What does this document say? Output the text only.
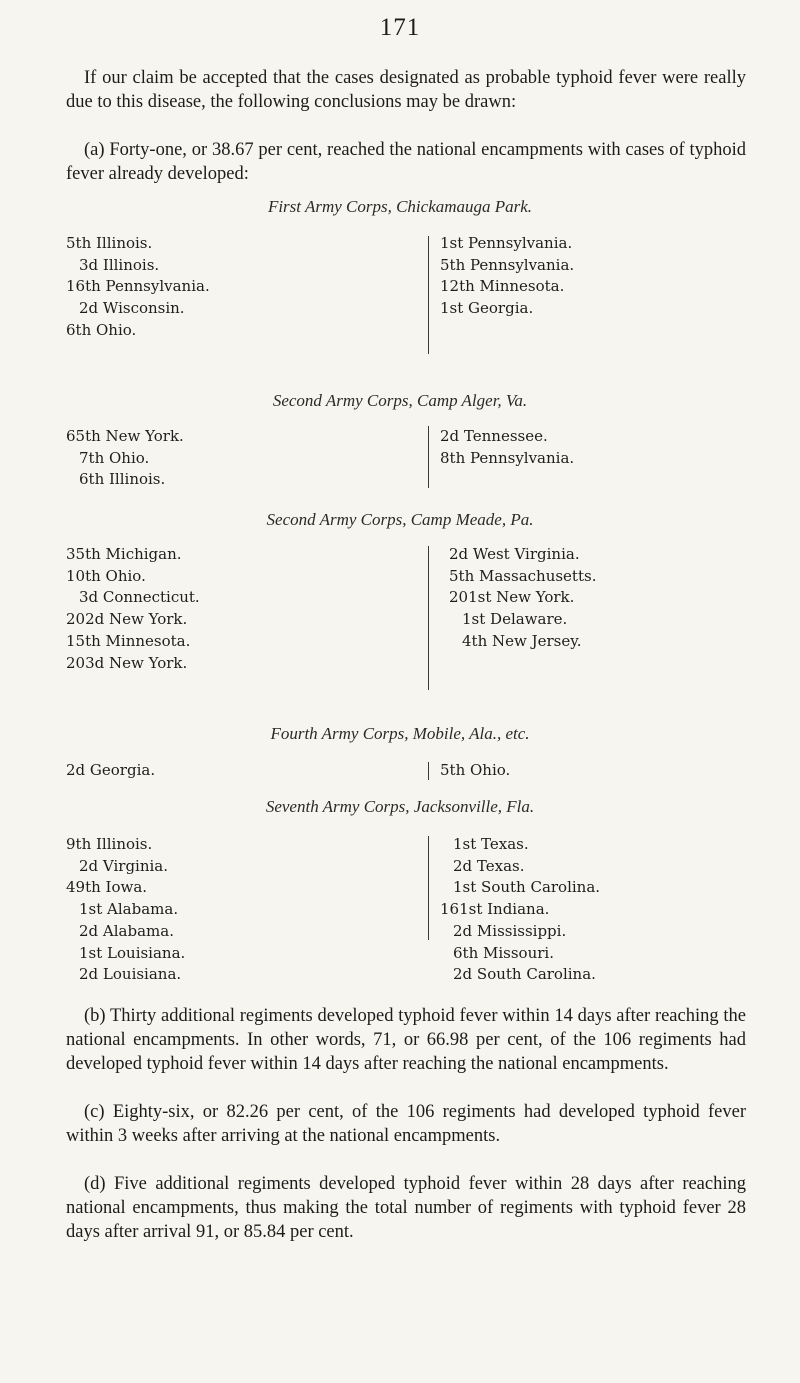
171

If our claim be accepted that the cases designated as probable typhoid fever were really due to this disease, the following conclusions may be drawn:

(a) Forty-one, or 38.67 per cent, reached the national encampments with cases of typhoid fever already developed:

First Army Corps, Chickamauga Park.
5th Illinois.
3d Illinois.
16th Pennsylvania.
2d Wisconsin.
6th Ohio.
1st Pennsylvania.
5th Pennsylvania.
12th Minnesota.
1st Georgia.
Second Army Corps, Camp Alger, Va.
65th New York.
7th Ohio.
6th Illinois.
2d Tennessee.
8th Pennsylvania.
Second Army Corps, Camp Meade, Pa.
35th Michigan.
10th Ohio.
3d Connecticut.
202d New York.
15th Minnesota.
203d New York.
2d West Virginia.
5th Massachusetts.
201st New York.
1st Delaware.
4th New Jersey.
Fourth Army Corps, Mobile, Ala., etc.
2d Georgia.	5th Ohio.
Seventh Army Corps, Jacksonville, Fla.
9th Illinois.
2d Virginia.
49th Iowa.
1st Alabama.
2d Alabama.
1st Louisiana.
2d Louisiana.
1st Texas.
2d Texas.
1st South Carolina.
161st Indiana.
2d Mississippi.
6th Missouri.
2d South Carolina.

(b) Thirty additional regiments developed typhoid fever within 14 days after reaching the national encampments. In other words, 71, or 66.98 per cent, of the 106 regiments had developed typhoid fever within 14 days after reaching the national encampments.

(c) Eighty-six, or 82.26 per cent, of the 106 regiments had developed typhoid fever within 3 weeks after arriving at the national encampments.

(d) Five additional regiments developed typhoid fever within 28 days after reaching national encampments, thus making the total number of regiments with typhoid fever 28 days after arrival 91, or 85.84 per cent.
